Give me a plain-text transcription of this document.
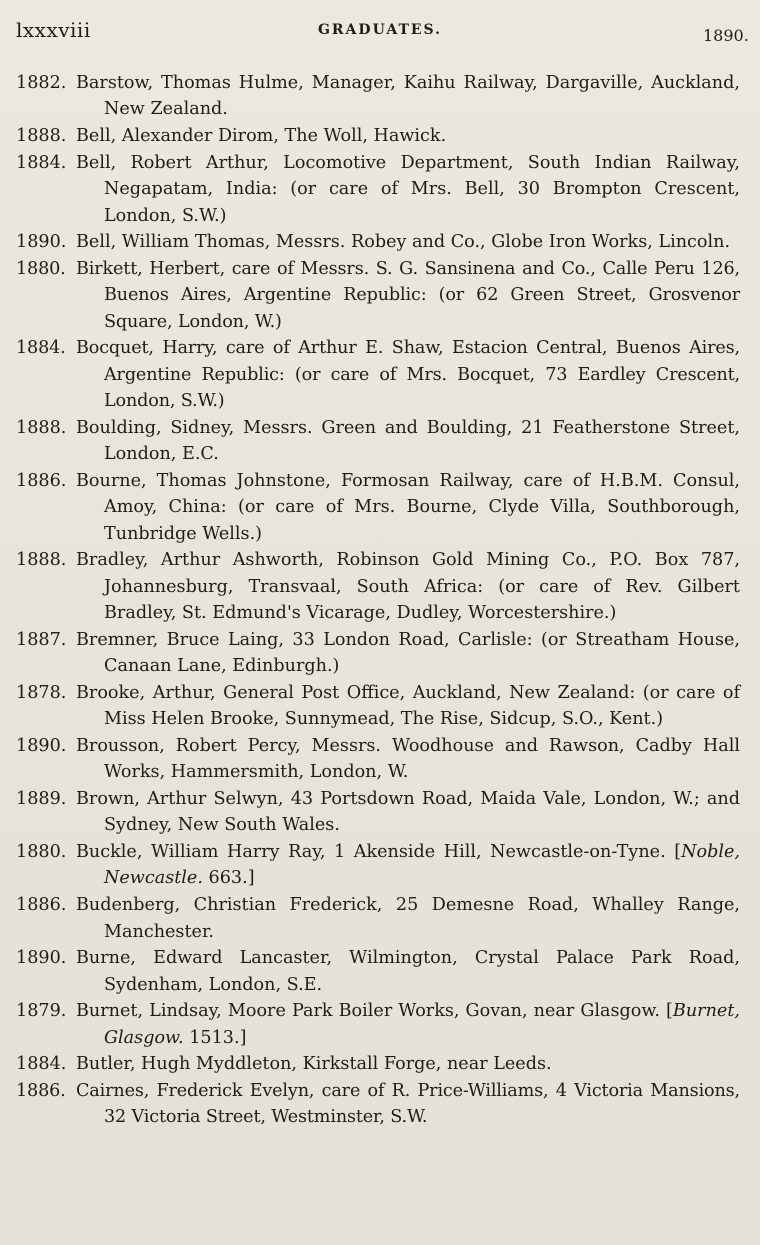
lxxxviii	GRADUATES.	1890.

1882. Barstow, Thomas Hulme, Manager, Kaihu Railway, Dargaville, Auckland, New Zealand.

1888. Bell, Alexander Dirom, The Woll, Hawick.

1884. Bell, Robert Arthur, Locomotive Department, South Indian Railway, Negapatam, India: (or care of Mrs. Bell, 30 Brompton Crescent, London, S.W.)

1890. Bell, William Thomas, Messrs. Robey and Co., Globe Iron Works, Lincoln.

1880. Birkett, Herbert, care of Messrs. S. G. Sansinena and Co., Calle Peru 126, Buenos Aires, Argentine Republic: (or 62 Green Street, Grosvenor Square, London, W.)

1884. Bocquet, Harry, care of Arthur E. Shaw, Estacion Central, Buenos Aires, Argentine Republic: (or care of Mrs. Bocquet, 73 Eardley Crescent, London, S.W.)

1888. Boulding, Sidney, Messrs. Green and Boulding, 21 Featherstone Street, London, E.C.

1886. Bourne, Thomas Johnstone, Formosan Railway, care of H.B.M. Consul, Amoy, China: (or care of Mrs. Bourne, Clyde Villa, Southborough, Tunbridge Wells.)

1888. Bradley, Arthur Ashworth, Robinson Gold Mining Co., P.O. Box 787, Johannesburg, Transvaal, South Africa: (or care of Rev. Gilbert Bradley, St. Edmund's Vicarage, Dudley, Worcestershire.)

1887. Bremner, Bruce Laing, 33 London Road, Carlisle: (or Streatham House, Canaan Lane, Edinburgh.)

1878. Brooke, Arthur, General Post Office, Auckland, New Zealand: (or care of Miss Helen Brooke, Sunnymead, The Rise, Sidcup, S.O., Kent.)

1890. Brousson, Robert Percy, Messrs. Woodhouse and Rawson, Cadby Hall Works, Hammersmith, London, W.

1889. Brown, Arthur Selwyn, 43 Portsdown Road, Maida Vale, London, W.; and Sydney, New South Wales.

1880. Buckle, William Harry Ray, 1 Akenside Hill, Newcastle-on-Tyne. [Noble, Newcastle. 663.]

1886. Budenberg, Christian Frederick, 25 Demesne Road, Whalley Range, Manchester.

1890. Burne, Edward Lancaster, Wilmington, Crystal Palace Park Road, Sydenham, London, S.E.

1879. Burnet, Lindsay, Moore Park Boiler Works, Govan, near Glasgow. [Burnet, Glasgow. 1513.]

1884. Butler, Hugh Myddleton, Kirkstall Forge, near Leeds.

1886. Cairnes, Frederick Evelyn, care of R. Price-Williams, 4 Victoria Mansions, 32 Victoria Street, Westminster, S.W.
